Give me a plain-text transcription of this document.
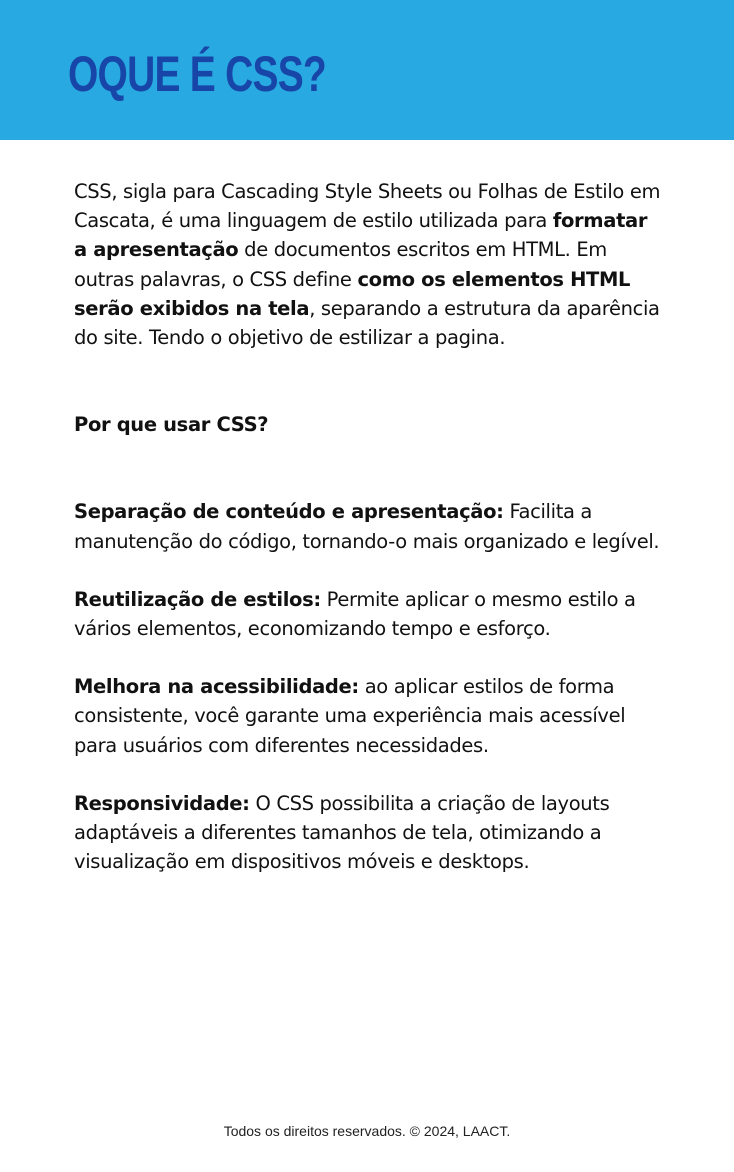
OQUE É CSS?

CSS, sigla para Cascading Style Sheets ou Folhas de Estilo em Cascata, é uma linguagem de estilo utilizada para formatar a apresentação de documentos escritos em HTML. Em outras palavras, o CSS define como os elementos HTML serão exibidos na tela, separando a estrutura da aparência do site. Tendo o objetivo de estilizar a pagina.

Por que usar CSS?

Separação de conteúdo e apresentação: Facilita a manutenção do código, tornando-o mais organizado e legível.

Reutilização de estilos: Permite aplicar o mesmo estilo a vários elementos, economizando tempo e esforço.

Melhora na acessibilidade: ao aplicar estilos de forma consistente, você garante uma experiência mais acessível para usuários com diferentes necessidades.

Responsividade: O CSS possibilita a criação de layouts adaptáveis a diferentes tamanhos de tela, otimizando a visualização em dispositivos móveis e desktops.

Todos os direitos reservados. © 2024, LAACT.
